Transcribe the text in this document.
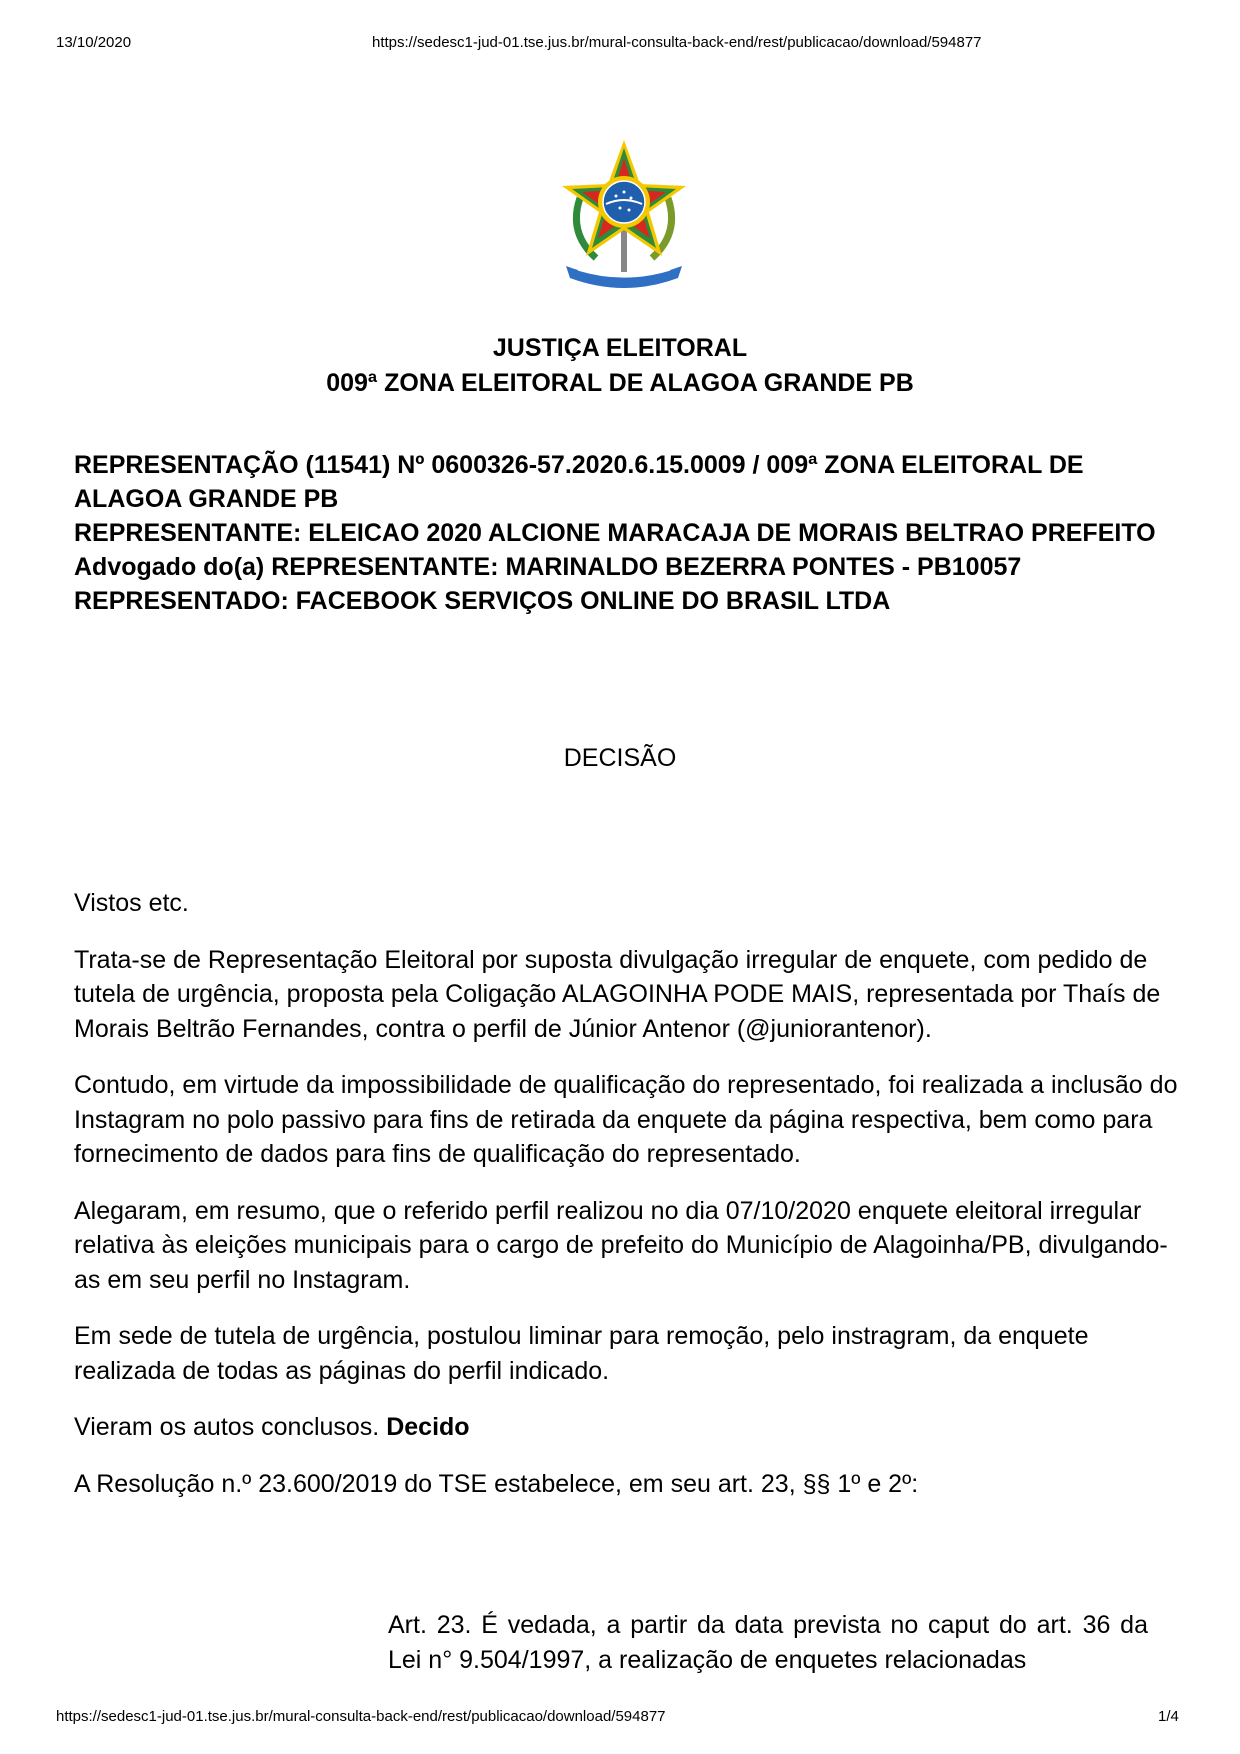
13/10/2020	https://sedesc1-jud-01.tse.jus.br/mural-consulta-back-end/rest/publicacao/download/594877
JUSTIÇA ELEITORAL
009ª ZONA ELEITORAL DE ALAGOA GRANDE PB
REPRESENTAÇÃO (11541) Nº 0600326-57.2020.6.15.0009 / 009ª ZONA ELEITORAL DE ALAGOA GRANDE PB
REPRESENTANTE: ELEICAO 2020 ALCIONE MARACAJA DE MORAIS BELTRAO PREFEITO
Advogado do(a) REPRESENTANTE: MARINALDO BEZERRA PONTES - PB10057
REPRESENTADO: FACEBOOK SERVIÇOS ONLINE DO BRASIL LTDA
DECISÃO

Vistos etc.

Trata-se de Representação Eleitoral por suposta divulgação irregular de enquete, com pedido de tutela de urgência, proposta pela Coligação ALAGOINHA PODE MAIS, representada por Thaís de Morais Beltrão Fernandes, contra o perfil de Júnior Antenor (@juniorantenor).

Contudo, em virtude da impossibilidade de qualificação do representado, foi realizada a inclusão do Instagram no polo passivo para fins de retirada da enquete da página respectiva, bem como para fornecimento de dados para fins de qualificação do representado.

Alegaram, em resumo, que o referido perfil realizou no dia 07/10/2020 enquete eleitoral irregular relativa às eleições municipais para o cargo de prefeito do Município de Alagoinha/PB, divulgando-as em seu perfil no Instagram.

Em sede de tutela de urgência, postulou liminar para remoção, pelo instragram, da enquete realizada de todas as páginas do perfil indicado.

Vieram os autos conclusos. Decido

A Resolução n.º 23.600/2019 do TSE estabelece, em seu art. 23, §§ 1º e 2º:

Art. 23. É vedada, a partir da data prevista no caput do art. 36 da Lei n° 9.504/1997, a realização de enquetes relacionadas
https://sedesc1-jud-01.tse.jus.br/mural-consulta-back-end/rest/publicacao/download/594877	1/4
